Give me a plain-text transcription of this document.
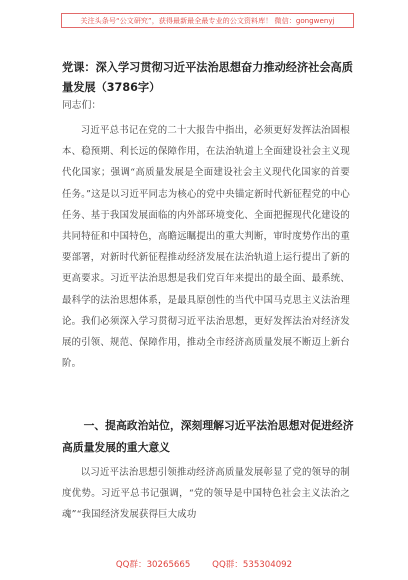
关注头条号“公文研究”，获得最新最全最专业的公文资料库！ 微信：gongwenyj
党课：深入学习贯彻习近平法治思想奋力推动经济社会高质量发展（3786字）
同志们：
习近平总书记在党的二十大报告中指出，必须更好发挥法治固根本、稳预期、利长远的保障作用，在法治轨道上全面建设社会主义现代化国家；强调“高质量发展是全面建设社会主义现代化国家的首要任务。”这是以习近平同志为核心的党中央锚定新时代新征程党的中心任务、基于我国发展面临的内外部环境变化、全面把握现代化建设的共同特征和中国特色，高瞻远瞩提出的重大判断，审时度势作出的重要部署，对新时代新征程推动经济发展在法治轨道上运行提出了新的更高要求。习近平法治思想是我们党百年来提出的最全面、最系统、最科学的法治思想体系，是最具原创性的当代中国马克思主义法治理论。我们必须深入学习贯彻习近平法治思想，更好发挥法治对经济发展的引领、规范、保障作用，推动全市经济高质量发展不断迈上新台阶。
一、提高政治站位，深刻理解习近平法治思想对促进经济高质量发展的重大意义
以习近平法治思想引领推动经济高质量发展彰显了党的领导的制度优势。习近平总书记强调，“党的领导是中国特色社会主义法治之魂”“我国经济发展获得巨大成功
QQ群：30265665        QQ群：535304092
